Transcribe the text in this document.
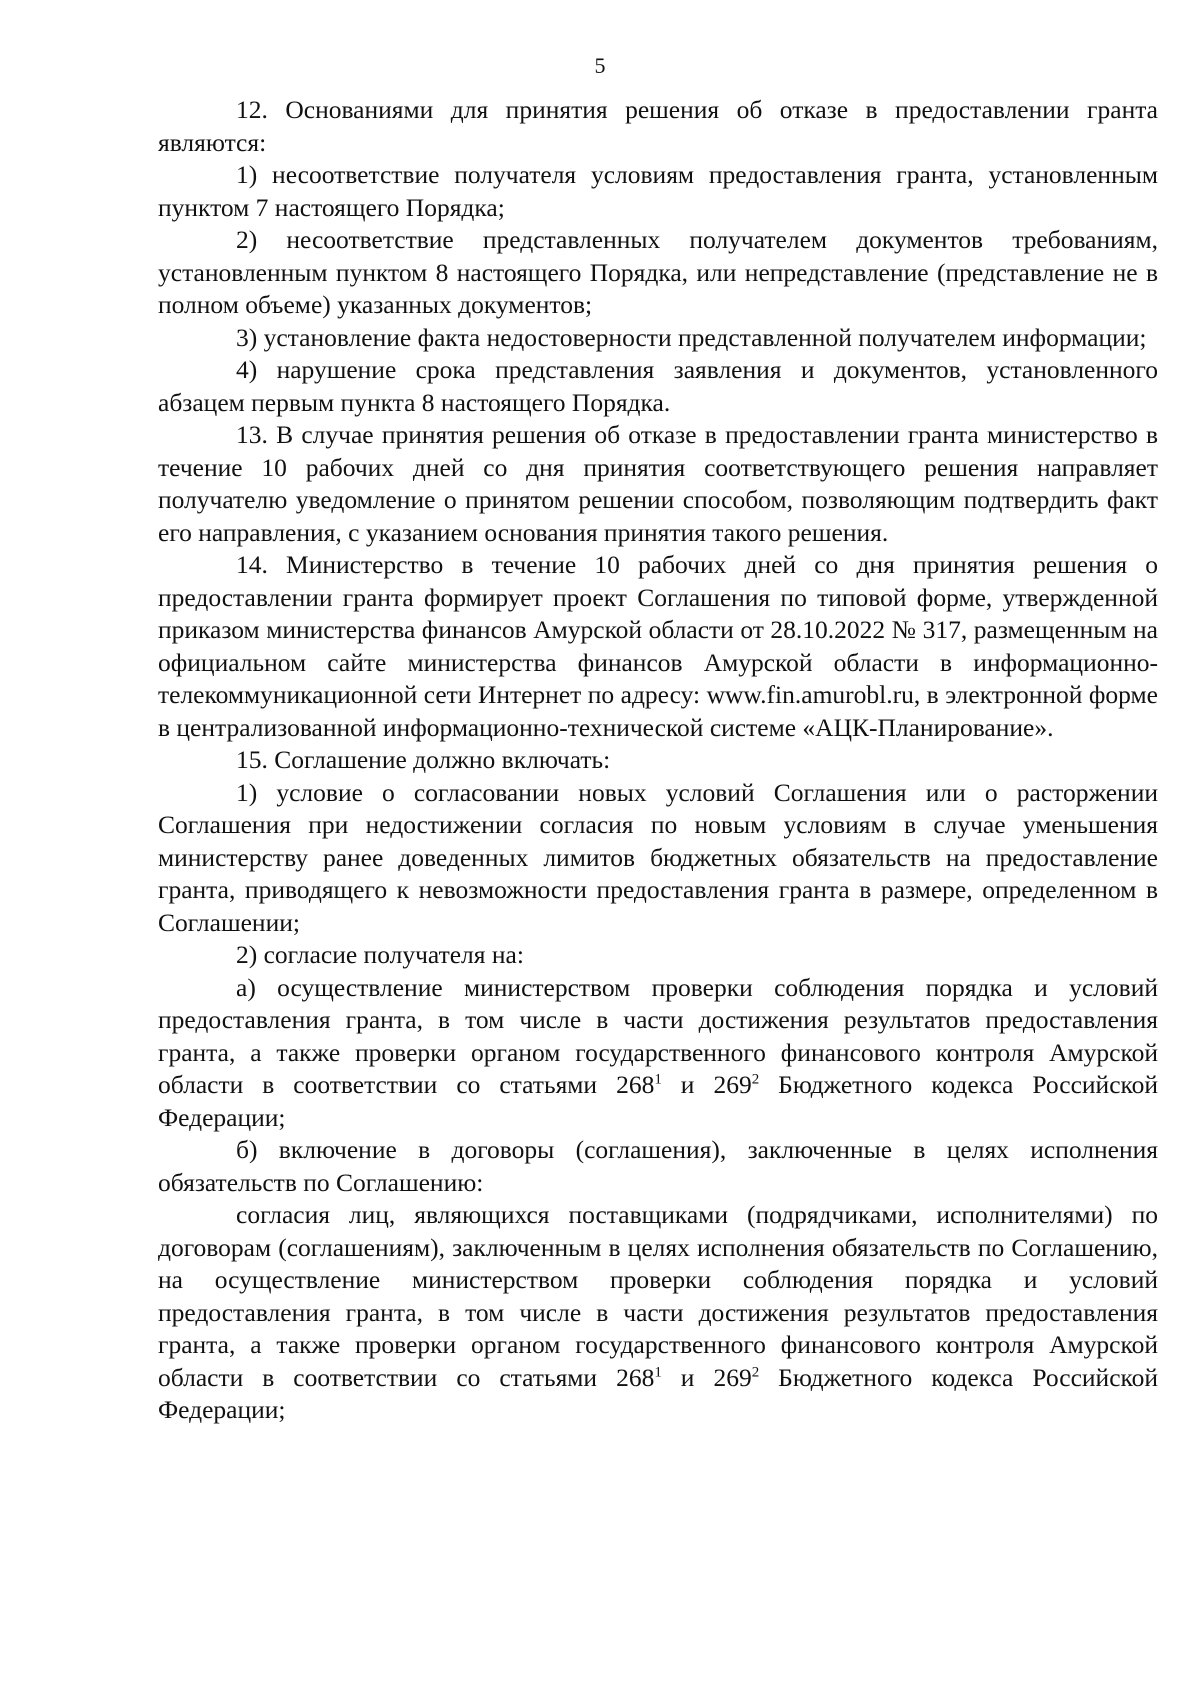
5

12. Основаниями для принятия решения об отказе в предоставлении гранта являются:

1) несоответствие получателя условиям предоставления гранта, установленным пунктом 7 настоящего Порядка;

2) несоответствие представленных получателем документов требованиям, установленным пунктом 8 настоящего Порядка, или непредставление (представление не в полном объеме) указанных документов;

3) установление факта недостоверности представленной получателем информации;

4) нарушение срока представления заявления и документов, установленного абзацем первым пункта 8 настоящего Порядка.

13. В случае принятия решения об отказе в предоставлении гранта министерство в течение 10 рабочих дней со дня принятия соответствующего решения направляет получателю уведомление о принятом решении способом, позволяющим подтвердить факт его направления, с указанием основания принятия такого решения.

14. Министерство в течение 10 рабочих дней со дня принятия решения о предоставлении гранта формирует проект Соглашения по типовой форме, утвержденной приказом министерства финансов Амурской области от 28.10.2022 № 317, размещенным на официальном сайте министерства финансов Амурской области в информационно-телекоммуникационной сети Интернет по адресу: www.fin.amurobl.ru, в электронной форме в централизованной информационно-технической системе «АЦК-Планирование».

15. Соглашение должно включать:

1) условие о согласовании новых условий Соглашения или о расторжении Соглашения при недостижении согласия по новым условиям в случае уменьшения министерству ранее доведенных лимитов бюджетных обязательств на предоставление гранта, приводящего к невозможности предоставления гранта в размере, определенном в Соглашении;

2) согласие получателя на:

а) осуществление министерством проверки соблюдения порядка и условий предоставления гранта, в том числе в части достижения результатов предоставления гранта, а также проверки органом государственного финансового контроля Амурской области в соответствии со статьями $268^1$ и $269^2$ Бюджетного кодекса Российской Федерации;

б) включение в договоры (соглашения), заключенные в целях исполнения обязательств по Соглашению:

согласия лиц, являющихся поставщиками (подрядчиками, исполнителями) по договорам (соглашениям), заключенным в целях исполнения обязательств по Соглашению, на осуществление министерством проверки соблюдения порядка и условий предоставления гранта, в том числе в части достижения результатов предоставления гранта, а также проверки органом государственного финансового контроля Амурской области в соответствии со статьями $268^1$ и $269^2$ Бюджетного кодекса Российской Федерации;
